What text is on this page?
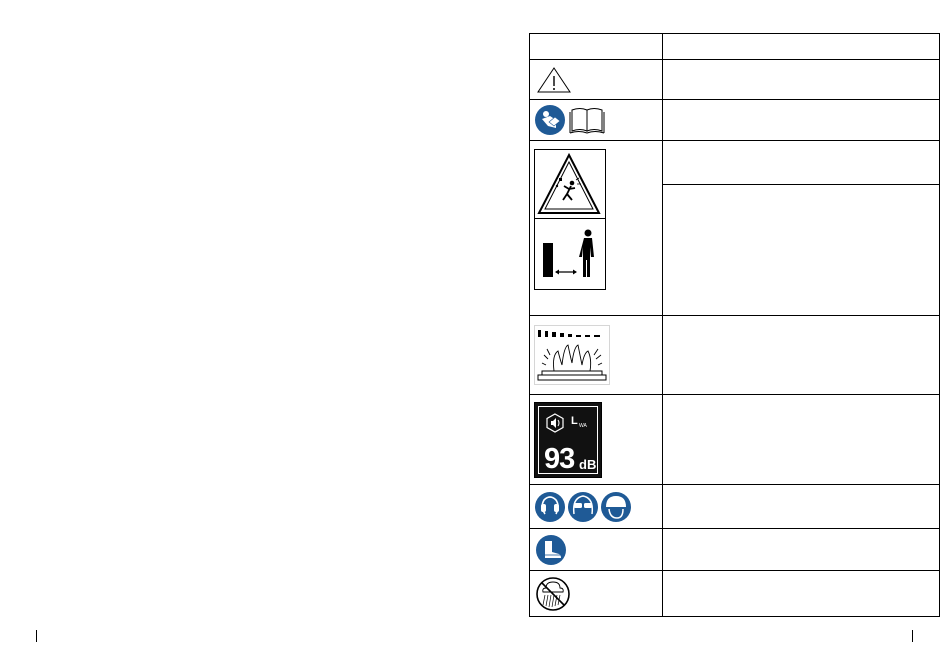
L WA
93 dB	
